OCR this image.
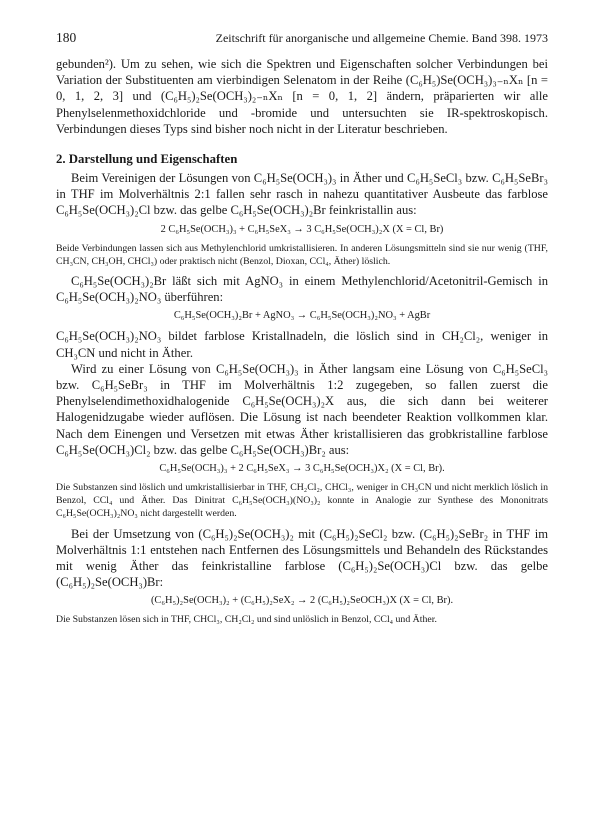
180	Zeitschrift für anorganische und allgemeine Chemie. Band 398. 1973

gebunden²). Um zu sehen, wie sich die Spektren und Eigenschaften solcher Verbindungen bei Variation der Substituenten am vierbindigen Selenatom in der Reihe (C₆H₅)Se(OCH₃)₃₋ₙXₙ [n = 0, 1, 2, 3] und (C₆H₅)₂Se(OCH₃)₂₋ₙXₙ [n = 0, 1, 2] ändern, präparierten wir alle Phenylselenmethoxidchloride und -bromide und untersuchten sie IR-spektroskopisch. Verbindungen dieses Typs sind bisher noch nicht in der Literatur beschrieben.

2. Darstellung und Eigenschaften

Beim Vereinigen der Lösungen von C₆H₅Se(OCH₃)₃ in Äther und C₆H₅SeCl₃ bzw. C₆H₅SeBr₃ in THF im Molverhältnis 2:1 fallen sehr rasch in nahezu quantitativer Ausbeute das farblose C₆H₅Se(OCH₃)₂Cl bzw. das gelbe C₆H₅Se(OCH₃)₂Br feinkristallin aus:

2 C₆H₅Se(OCH₃)₃ + C₆H₅SeX₃ → 3 C₆H₅Se(OCH₃)₂X (X = Cl, Br)

Beide Verbindungen lassen sich aus Methylenchlorid umkristallisieren. In anderen Lösungsmitteln sind sie nur wenig (THF, CH₃CN, CH₃OH, CHCl₃) oder praktisch nicht (Benzol, Dioxan, CCl₄, Äther) löslich.

C₆H₅Se(OCH₃)₂Br läßt sich mit AgNO₃ in einem Methylenchlorid/Acetonitril-Gemisch in C₆H₅Se(OCH₃)₂NO₃ überführen:

C₆H₅Se(OCH₃)₂Br + AgNO₃ → C₆H₅Se(OCH₃)₂NO₃ + AgBr

C₆H₅Se(OCH₃)₂NO₃ bildet farblose Kristallnadeln, die löslich sind in CH₂Cl₂, weniger in CH₃CN und nicht in Äther.

Wird zu einer Lösung von C₆H₅Se(OCH₃)₃ in Äther langsam eine Lösung von C₆H₅SeCl₃ bzw. C₆H₅SeBr₃ in THF im Molverhältnis 1:2 zugegeben, so fallen zuerst die Phenylselendimethoxidhalogenide C₆H₅Se(OCH₃)₂X aus, die sich dann bei weiterer Halogenidzugabe wieder auflösen. Die Lösung ist nach beendeter Reaktion vollkommen klar. Nach dem Einengen und Versetzen mit etwas Äther kristallisieren das grobkristalline farblose C₆H₅Se(OCH₃)Cl₂ bzw. das gelbe C₆H₅Se(OCH₃)Br₂ aus:

C₆H₅Se(OCH₃)₃ + 2 C₆H₅SeX₃ → 3 C₆H₅Se(OCH₃)X₂ (X = Cl, Br).

Die Substanzen sind löslich und umkristallisierbar in THF, CH₂Cl₂, CHCl₃, weniger in CH₃CN und nicht merklich löslich in Benzol, CCl₄ und Äther. Das Dinitrat C₆H₅Se(OCH₃)(NO₃)₂ konnte in Analogie zur Synthese des Mononitrats C₆H₅Se(OCH₃)₂NO₃ nicht dargestellt werden.

Bei der Umsetzung von (C₆H₅)₂Se(OCH₃)₂ mit (C₆H₅)₂SeCl₂ bzw. (C₆H₅)₂SeBr₂ in THF im Molverhältnis 1:1 entstehen nach Entfernen des Lösungsmittels und Behandeln des Rückstandes mit wenig Äther das feinkristalline farblose (C₆H₅)₂Se(OCH₃)Cl bzw. das gelbe (C₆H₅)₂Se(OCH₃)Br:

(C₆H₅)₂Se(OCH₃)₂ + (C₆H₅)₂SeX₂ → 2 (C₆H₅)₂SeOCH₃)X (X = Cl, Br).

Die Substanzen lösen sich in THF, CHCl₃, CH₂Cl₂ und sind unlöslich in Benzol, CCl₄ und Äther.
